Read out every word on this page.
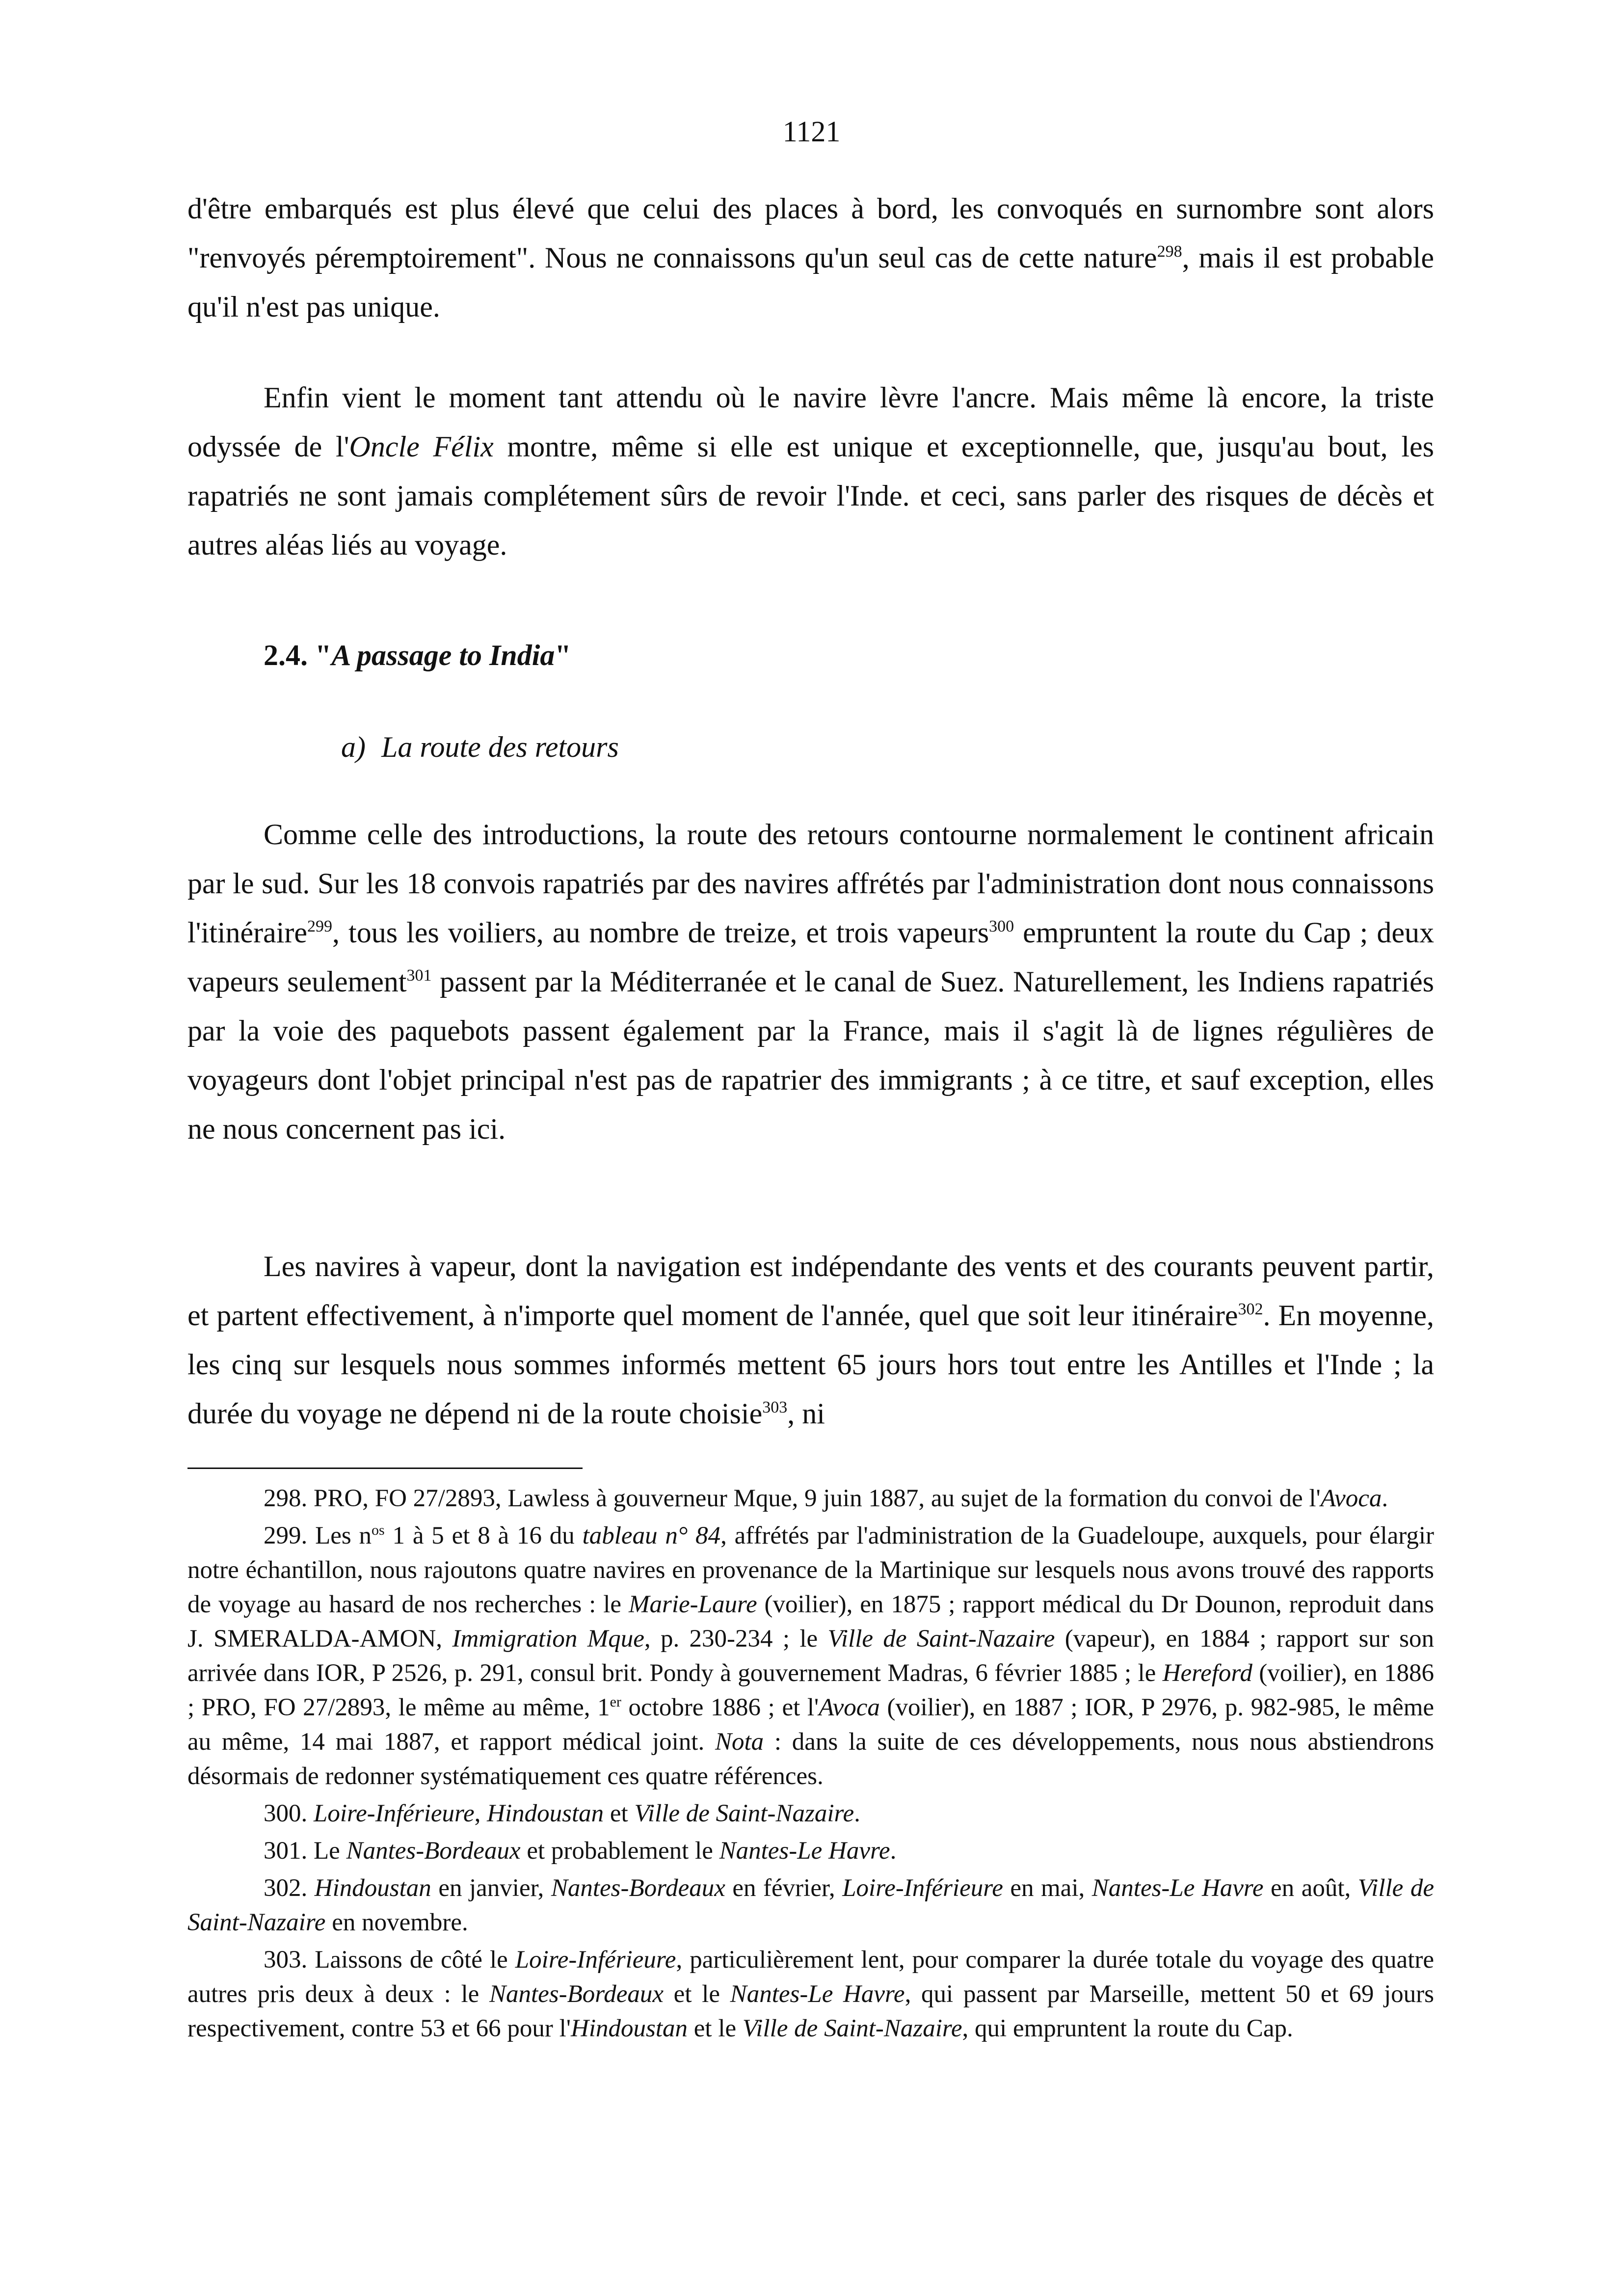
1121

d'être embarqués est plus élevé que celui des places à bord, les convoqués en surnombre sont alors "renvoyés péremptoirement". Nous ne connaissons qu'un seul cas de cette nature$^{298}$, mais il est probable qu'il n'est pas unique.

Enfin vient le moment tant attendu où le navire lèvre l'ancre. Mais même là encore, la triste odyssée de l'Oncle Félix montre, même si elle est unique et exceptionnelle, que, jusqu'au bout, les rapatriés ne sont jamais complétement sûrs de revoir l'Inde. et ceci, sans parler des risques de décès et autres aléas liés au voyage.

2.4. "A passage to India"
a) La route des retours

Comme celle des introductions, la route des retours contourne normalement le continent africain par le sud. Sur les 18 convois rapatriés par des navires affrétés par l'administration dont nous connaissons l'itinéraire$^{299}$, tous les voiliers, au nombre de treize, et trois vapeurs$^{300}$ empruntent la route du Cap ; deux vapeurs seulement$^{301}$ passent par la Méditerranée et le canal de Suez. Naturellement, les Indiens rapatriés par la voie des paquebots passent également par la France, mais il s'agit là de lignes régulières de voyageurs dont l'objet principal n'est pas de rapatrier des immigrants ; à ce titre, et sauf exception, elles ne nous concernent pas ici.

Les navires à vapeur, dont la navigation est indépendante des vents et des courants peuvent partir, et partent effectivement, à n'importe quel moment de l'année, quel que soit leur itinéraire$^{302}$. En moyenne, les cinq sur lesquels nous sommes informés mettent 65 jours hors tout entre les Antilles et l'Inde ; la durée du voyage ne dépend ni de la route choisie$^{303}$, ni

298. PRO, FO 27/2893, Lawless à gouverneur Mque, 9 juin 1887, au sujet de la formation du convoi de l'Avoca.

299. Les $n^{os}$ 1 à 5 et 8 à 16 du tableau n° 84, affrétés par l'administration de la Guadeloupe, auxquels, pour élargir notre échantillon, nous rajoutons quatre navires en provenance de la Martinique sur lesquels nous avons trouvé des rapports de voyage au hasard de nos recherches : le Marie-Laure (voilier), en 1875 ; rapport médical du Dr Dounon, reproduit dans J. SMERALDA-AMON, Immigration Mque, p. 230-234 ; le Ville de Saint-Nazaire (vapeur), en 1884 ; rapport sur son arrivée dans IOR, P 2526, p. 291, consul brit. Pondy à gouvernement Madras, 6 février 1885 ; le Hereford (voilier), en 1886 ; PRO, FO 27/2893, le même au même, 1er octobre 1886 ; et l'Avoca (voilier), en 1887 ; IOR, P 2976, p. 982-985, le même au même, 14 mai 1887, et rapport médical joint. Nota : dans la suite de ces développements, nous nous abstiendrons désormais de redonner systématiquement ces quatre références.

300. Loire-Inférieure, Hindoustan et Ville de Saint-Nazaire.

301. Le Nantes-Bordeaux et probablement le Nantes-Le Havre.

302. Hindoustan en janvier, Nantes-Bordeaux en février, Loire-Inférieure en mai, Nantes-Le Havre en août, Ville de Saint-Nazaire en novembre.

303. Laissons de côté le Loire-Inférieure, particulièrement lent, pour comparer la durée totale du voyage des quatre autres pris deux à deux : le Nantes-Bordeaux et le Nantes-Le Havre, qui passent par Marseille, mettent 50 et 69 jours respectivement, contre 53 et 66 pour l'Hindoustan et le Ville de Saint-Nazaire, qui empruntent la route du Cap.
